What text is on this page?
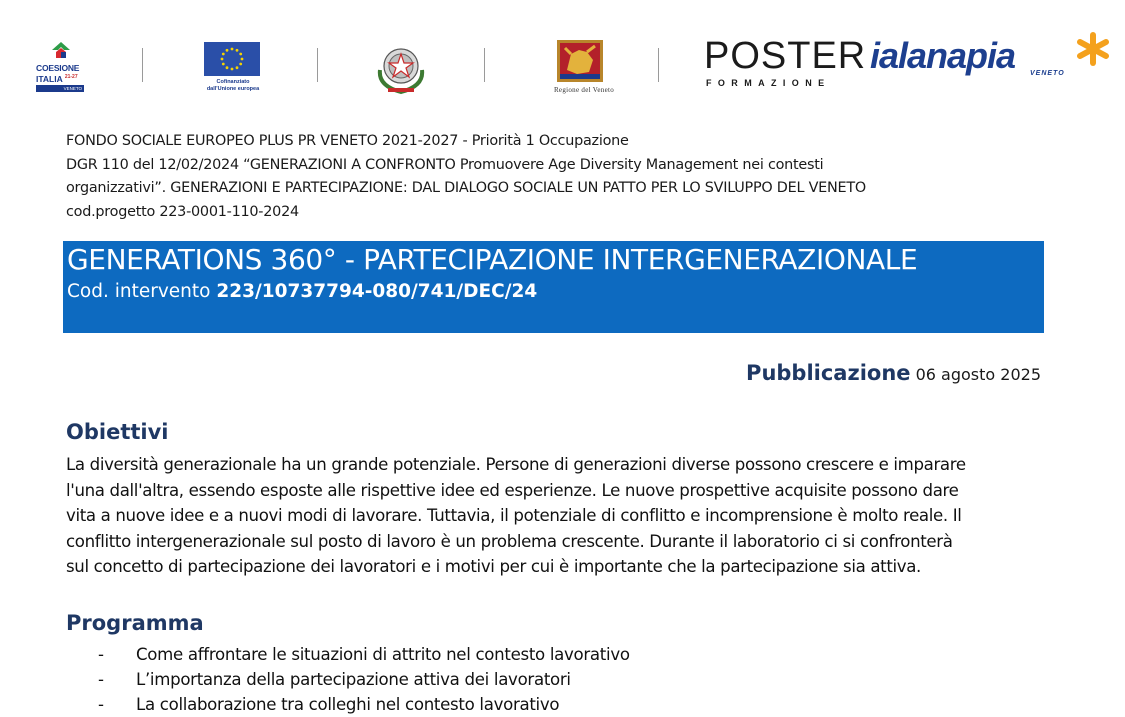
COESIONE
ITALIA $^{21-27}$
VENETO
Cofinanziato
dall'Unione europea	Regione del Veneto
POSTER
FORMAZIONE
ialanapia VENETO

FONDO SOCIALE EUROPEO PLUS PR VENETO 2021-2027 - Priorità 1 Occupazione

DGR 110 del 12/02/2024 “GENERAZIONI A CONFRONTO Promuovere Age Diversity Management nei contesti

organizzativi”. GENERAZIONI E PARTECIPAZIONE: DAL DIALOGO SOCIALE UN PATTO PER LO SVILUPPO DEL VENETO

cod.progetto 223-0001-110-2024

GENERATIONS 360° - PARTECIPAZIONE INTERGENERAZIONALE
Cod. intervento 223/10737794-080/741/DEC/24
Pubblicazione 06 agosto 2025
Obiettivi

La diversità generazionale ha un grande potenziale. Persone di generazioni diverse possono crescere e imparare

l'una dall'altra, essendo esposte alle rispettive idee ed esperienze. Le nuove prospettive acquisite possono dare

vita a nuove idee e a nuovi modi di lavorare. Tuttavia, il potenziale di conflitto e incomprensione è molto reale. Il

conflitto intergenerazionale sul posto di lavoro è un problema crescente. Durante il laboratorio ci si confronterà

sul concetto di partecipazione dei lavoratori e i motivi per cui è importante che la partecipazione sia attiva.

Programma
- Come affrontare le situazioni di attrito nel contesto lavorativo
- L’importanza della partecipazione attiva dei lavoratori
- La collaborazione tra colleghi nel contesto lavorativo
